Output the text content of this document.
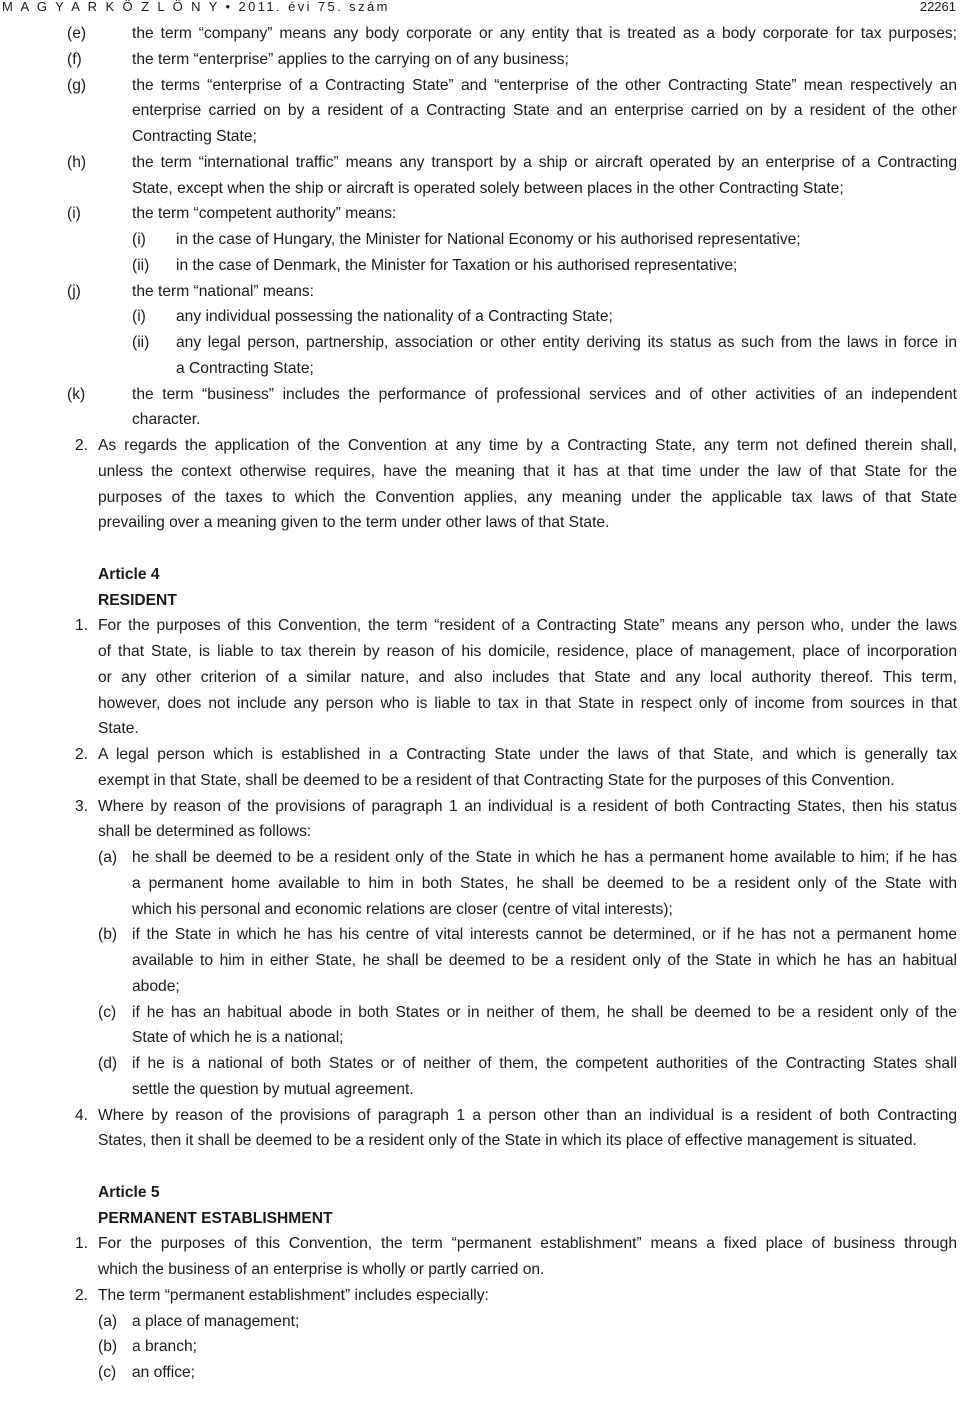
M A G Y A R K Ö Z L Ö N Y • 2011. évi 75. szám	22261
(e)	the term “company” means any body corporate or any entity that is treated as a body corporate for tax purposes;
(f)	the term “enterprise” applies to the carrying on of any business;
(g)	the terms “enterprise of a Contracting State” and “enterprise of the other Contracting State” mean respectively an
enterprise carried on by a resident of a Contracting State and an enterprise carried on by a resident of the other
Contracting State;
(h)	the term “international traffic” means any transport by a ship or aircraft operated by an enterprise of a Contracting
State, except when the ship or aircraft is operated solely between places in the other Contracting State;
(i)	the term “competent authority” means:
(i) in the case of Hungary, the Minister for National Economy or his authorised representative;
(ii) in the case of Denmark, the Minister for Taxation or his authorised representative;
(j)	the term “national” means:
(i) any individual possessing the nationality of a Contracting State;
(ii) any legal person, partnership, association or other entity deriving its status as such from the laws in force in
a Contracting State;
(k)	the term “business” includes the performance of professional services and of other activities of an independent
character.
2. As regards the application of the Convention at any time by a Contracting State, any term not defined therein shall,
unless the context otherwise requires, have the meaning that it has at that time under the law of that State for the
purposes of the taxes to which the Convention applies, any meaning under the applicable tax laws of that State
prevailing over a meaning given to the term under other laws of that State.
Article 4
RESIDENT
1. For the purposes of this Convention, the term “resident of a Contracting State” means any person who, under the laws
of that State, is liable to tax therein by reason of his domicile, residence, place of management, place of incorporation
or any other criterion of a similar nature, and also includes that State and any local authority thereof. This term,
however, does not include any person who is liable to tax in that State in respect only of income from sources in that
State.
2. A legal person which is established in a Contracting State under the laws of that State, and which is generally tax
exempt in that State, shall be deemed to be a resident of that Contracting State for the purposes of this Convention.
3. Where by reason of the provisions of paragraph 1 an individual is a resident of both Contracting States, then his status
shall be determined as follows:
(a) he shall be deemed to be a resident only of the State in which he has a permanent home available to him; if he has
a permanent home available to him in both States, he shall be deemed to be a resident only of the State with
which his personal and economic relations are closer (centre of vital interests);
(b) if the State in which he has his centre of vital interests cannot be determined, or if he has not a permanent home
available to him in either State, he shall be deemed to be a resident only of the State in which he has an habitual
abode;
(c) if he has an habitual abode in both States or in neither of them, he shall be deemed to be a resident only of the
State of which he is a national;
(d) if he is a national of both States or of neither of them, the competent authorities of the Contracting States shall
settle the question by mutual agreement.
4. Where by reason of the provisions of paragraph 1 a person other than an individual is a resident of both Contracting
States, then it shall be deemed to be a resident only of the State in which its place of effective management is situated.
Article 5
PERMANENT ESTABLISHMENT
1. For the purposes of this Convention, the term “permanent establishment” means a fixed place of business through
which the business of an enterprise is wholly or partly carried on.
2. The term “permanent establishment” includes especially:
(a) a place of management;
(b) a branch;
(c) an office;
